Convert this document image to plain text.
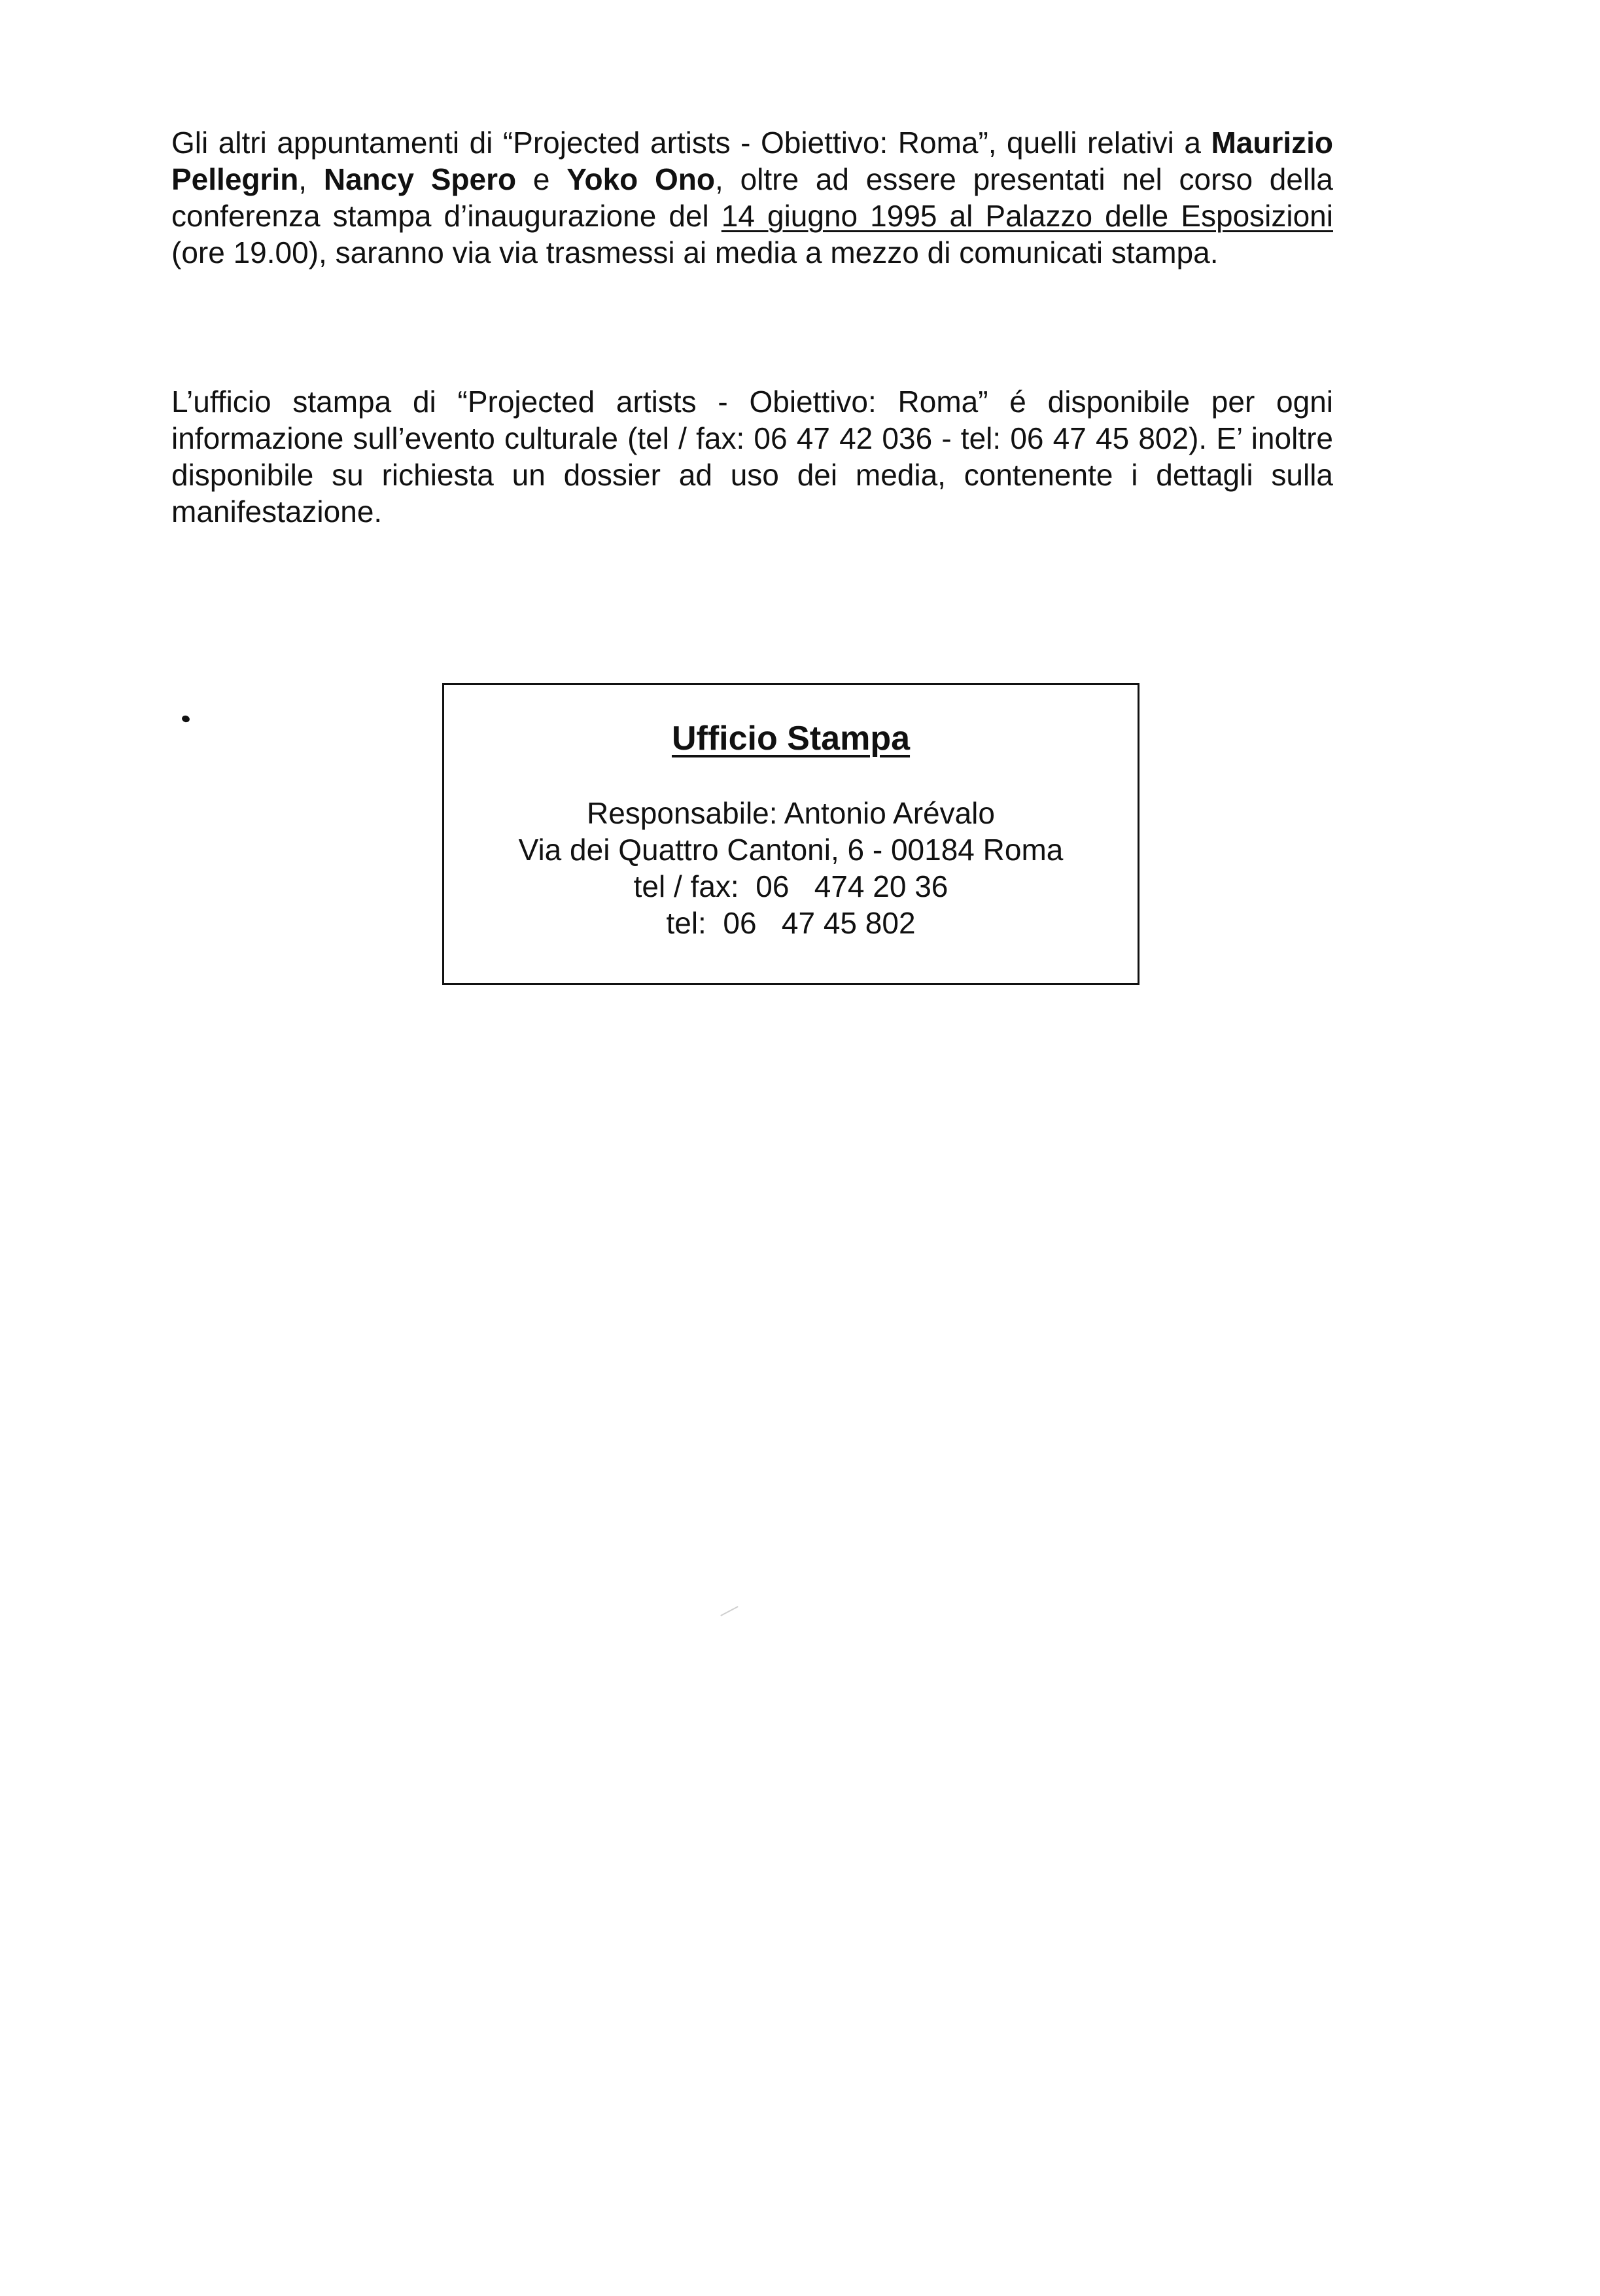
Gli altri appuntamenti di “Projected artists - Obiettivo: Roma”, quelli relativi a Maurizio Pellegrin, Nancy Spero e Yoko Ono, oltre ad essere presentati nel corso della conferenza stampa d’inaugurazione del 14 giugno 1995 al Palazzo delle Esposizioni (ore 19.00), saranno via via trasmessi ai media a mezzo di comunicati stampa.

L’ufficio stampa di “Projected artists - Obiettivo: Roma” é disponibile per ogni informazione sull’evento culturale (tel / fax: 06 47 42 036 - tel: 06 47 45 802). E’ inoltre disponibile su richiesta un dossier ad uso dei media, contenente i dettagli sulla manifestazione.

Ufficio Stampa
Responsabile: Antonio Arévalo
Via dei Quattro Cantoni, 6 - 00184 Roma
tel / fax:  06   474 20 36
tel:  06   47 45 802
